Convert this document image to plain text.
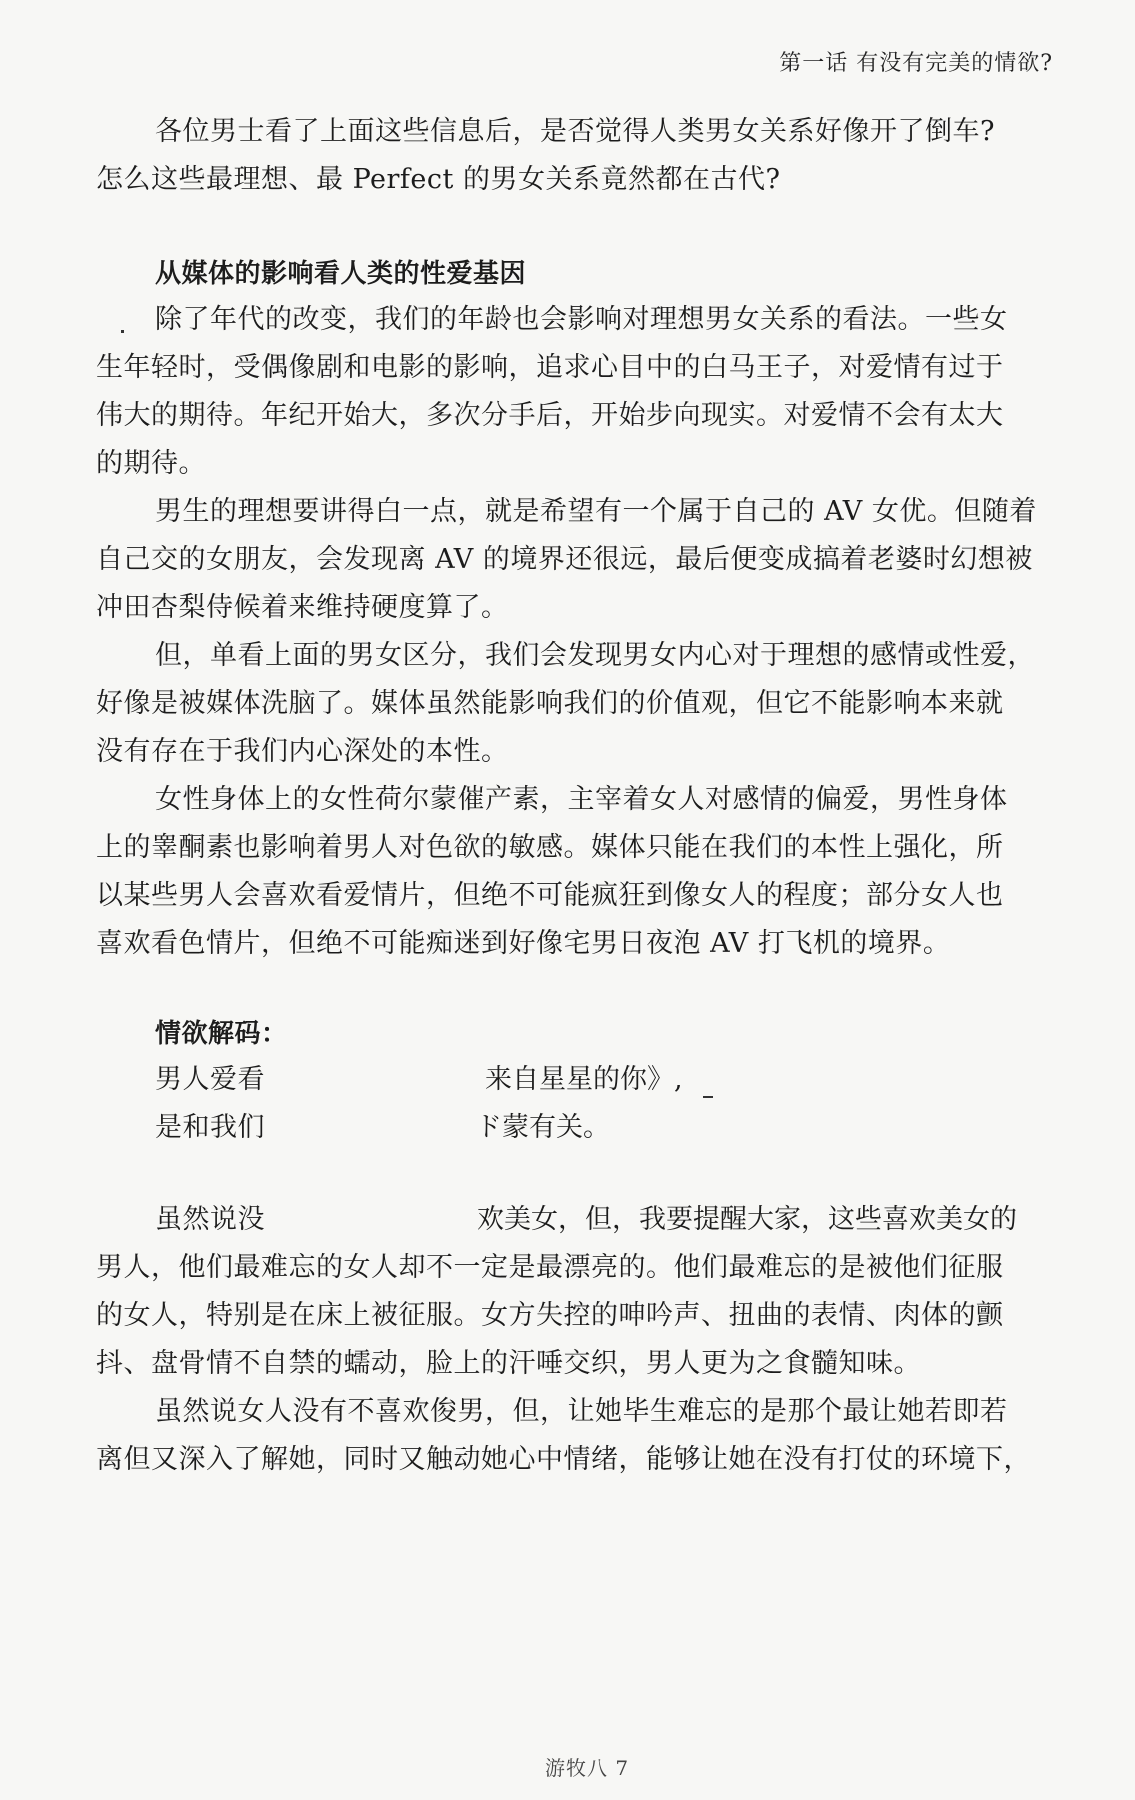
第一话 有没有完美的情欲?
各位男士看了上面这些信息后，是否觉得人类男女关系好像开了倒车?
怎么这些最理想、最 Perfect 的男女关系竟然都在古代?
从媒体的影响看人类的性爱基因
除了年代的改变，我们的年龄也会影响对理想男女关系的看法。一些女
生年轻时，受偶像剧和电影的影响，追求心目中的白马王子，对爱情有过于
伟大的期待。年纪开始大，多次分手后，开始步向现实。对爱情不会有太大
的期待。
男生的理想要讲得白一点，就是希望有一个属于自己的 AV 女优。但随着
自己交的女朋友，会发现离 AV 的境界还很远，最后便变成搞着老婆时幻想被
冲田杏梨侍候着来维持硬度算了。
但，单看上面的男女区分，我们会发现男女内心对于理想的感情或性爱，
好像是被媒体洗脑了。媒体虽然能影响我们的价值观，但它不能影响本来就
没有存在于我们内心深处的本性。
女性身体上的女性荷尔蒙催产素，主宰着女人对感情的偏爱，男性身体
上的睾酮素也影响着男人对色欲的敏感。媒体只能在我们的本性上强化，所
以某些男人会喜欢看爱情片，但绝不可能疯狂到像女人的程度；部分女人也
喜欢看色情片，但绝不可能痴迷到好像宅男日夜泡 AV 打飞机的境界。
情欲解码：
男人爱看	来自星星的你》,
是和我们	ド蒙有关。
虽然说没	欢美女，但，我要提醒大家，这些喜欢美女的
男人，他们最难忘的女人却不一定是最漂亮的。他们最难忘的是被他们征服
的女人，特别是在床上被征服。女方失控的呻吟声、扭曲的表情、肉体的颤
抖、盘骨情不自禁的蠕动，脸上的汗唾交织，男人更为之食髓知味。
虽然说女人没有不喜欢俊男，但，让她毕生难忘的是那个最让她若即若
离但又深入了解她，同时又触动她心中情绪，能够让她在没有打仗的环境下，
游牧八 7
